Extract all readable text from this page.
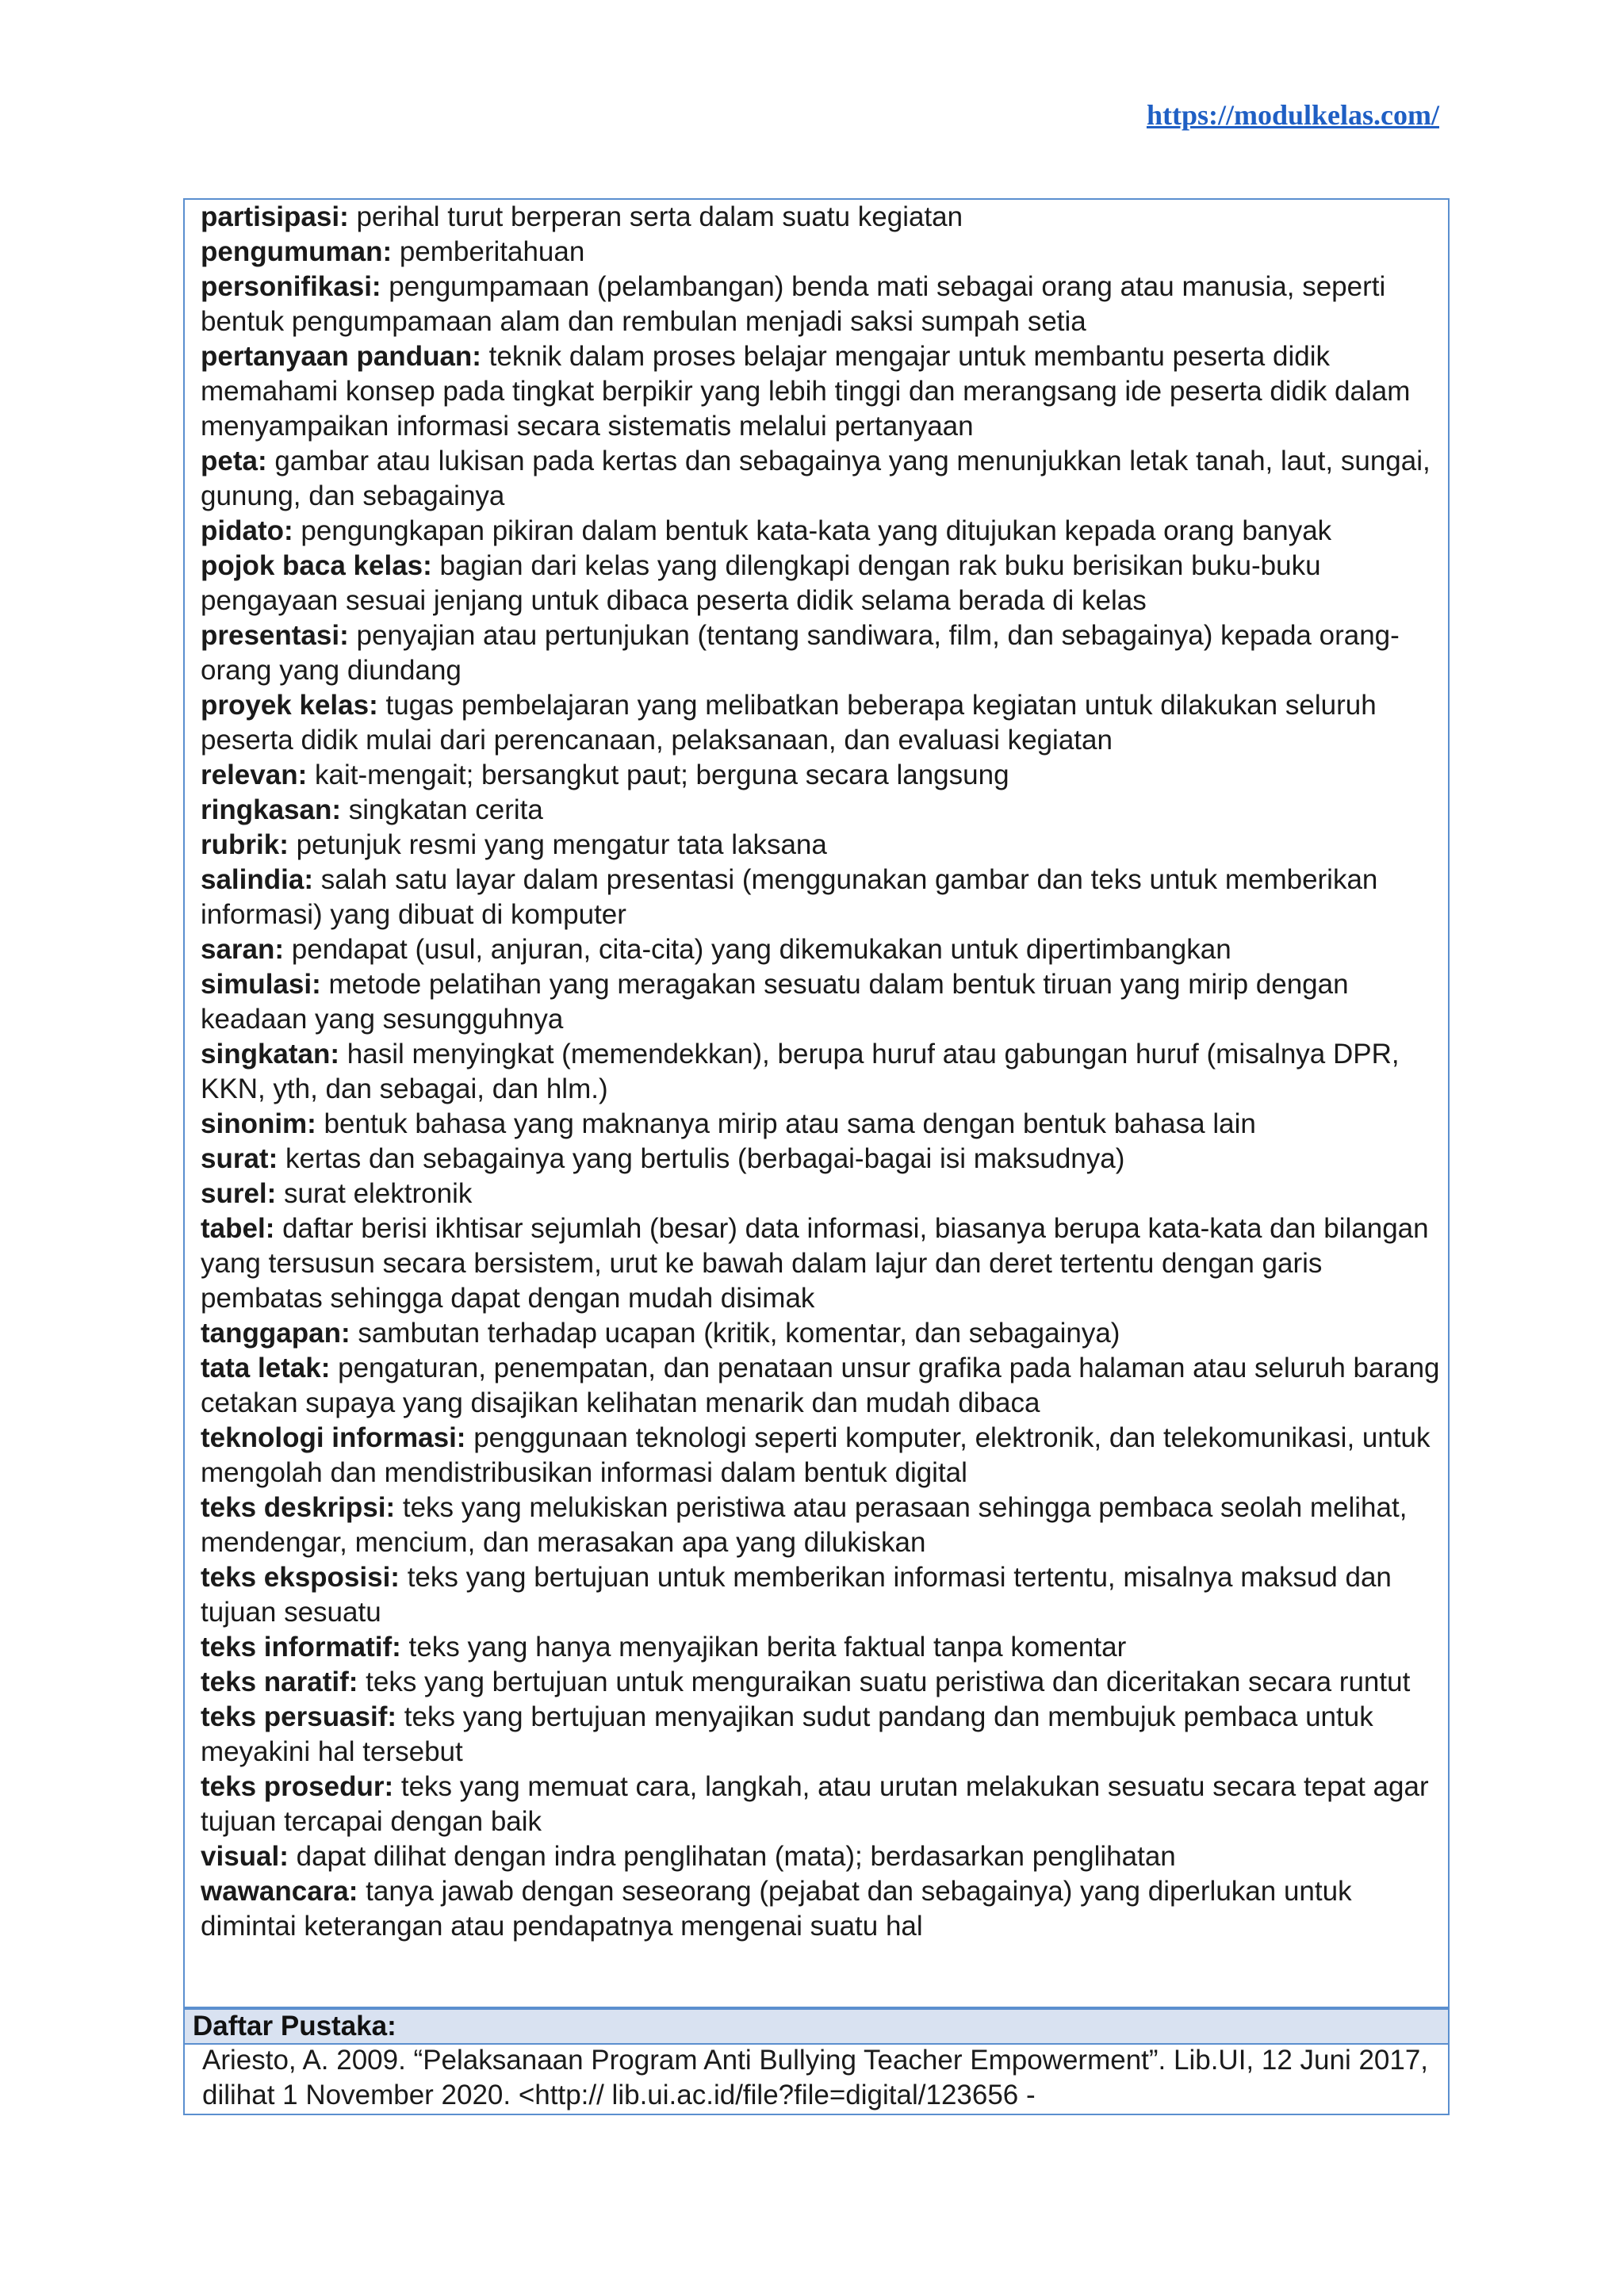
https://modulkelas.com/
partisipasi: perihal turut berperan serta dalam suatu kegiatan
pengumuman: pemberitahuan
personifikasi: pengumpamaan (pelambangan) benda mati sebagai orang atau manusia, seperti bentuk pengumpamaan alam dan rembulan menjadi saksi sumpah setia
pertanyaan panduan: teknik dalam proses belajar mengajar untuk membantu peserta didik memahami konsep pada tingkat berpikir yang lebih tinggi dan merangsang ide peserta didik dalam menyampaikan informasi secara sistematis melalui pertanyaan
peta: gambar atau lukisan pada kertas dan sebagainya yang menunjukkan letak tanah, laut, sungai, gunung, dan sebagainya
pidato: pengungkapan pikiran dalam bentuk kata-kata yang ditujukan kepada orang banyak
pojok baca kelas: bagian dari kelas yang dilengkapi dengan rak buku berisikan buku-buku pengayaan sesuai jenjang untuk dibaca peserta didik selama berada di kelas
presentasi: penyajian atau pertunjukan (tentang sandiwara, film, dan sebagainya) kepada orang-orang yang diundang
proyek kelas: tugas pembelajaran yang melibatkan beberapa kegiatan untuk dilakukan seluruh peserta didik mulai dari perencanaan, pelaksanaan, dan evaluasi kegiatan
relevan: kait-mengait; bersangkut paut; berguna secara langsung
ringkasan: singkatan cerita
rubrik: petunjuk resmi yang mengatur tata laksana
salindia: salah satu layar dalam presentasi (menggunakan gambar dan teks untuk memberikan informasi) yang dibuat di komputer
saran: pendapat (usul, anjuran, cita-cita) yang dikemukakan untuk dipertimbangkan
simulasi: metode pelatihan yang meragakan sesuatu dalam bentuk tiruan yang mirip dengan keadaan yang sesungguhnya
singkatan: hasil menyingkat (memendekkan), berupa huruf atau gabungan huruf (misalnya DPR, KKN, yth, dan sebagai, dan hlm.)
sinonim: bentuk bahasa yang maknanya mirip atau sama dengan bentuk bahasa lain
surat: kertas dan sebagainya yang bertulis (berbagai-bagai isi maksudnya)
surel: surat elektronik
tabel: daftar berisi ikhtisar sejumlah (besar) data informasi, biasanya berupa kata-kata dan bilangan yang tersusun secara bersistem, urut ke bawah dalam lajur dan deret tertentu dengan garis pembatas sehingga dapat dengan mudah disimak
tanggapan: sambutan terhadap ucapan (kritik, komentar, dan sebagainya)
tata letak: pengaturan, penempatan, dan penataan unsur grafika pada halaman atau seluruh barang cetakan supaya yang disajikan kelihatan menarik dan mudah dibaca
teknologi informasi: penggunaan teknologi seperti komputer, elektronik, dan telekomunikasi, untuk mengolah dan mendistribusikan informasi dalam bentuk digital
teks deskripsi: teks yang melukiskan peristiwa atau perasaan sehingga pembaca seolah melihat, mendengar, mencium, dan merasakan apa yang dilukiskan
teks eksposisi: teks yang bertujuan untuk memberikan informasi tertentu, misalnya maksud dan tujuan sesuatu
teks informatif: teks yang hanya menyajikan berita faktual tanpa komentar
teks naratif: teks yang bertujuan untuk menguraikan suatu peristiwa dan diceritakan secara runtut
teks persuasif: teks yang bertujuan menyajikan sudut pandang dan membujuk pembaca untuk meyakini hal tersebut
teks prosedur: teks yang memuat cara, langkah, atau urutan melakukan sesuatu secara tepat agar tujuan tercapai dengan baik
visual: dapat dilihat dengan indra penglihatan (mata); berdasarkan penglihatan
wawancara: tanya jawab dengan seseorang (pejabat dan sebagainya) yang diperlukan untuk dimintai keterangan atau pendapatnya mengenai suatu hal
Daftar Pustaka:
Ariesto, A. 2009. “Pelaksanaan Program Anti Bullying Teacher Empowerment”. Lib.UI, 12 Juni 2017, dilihat 1 November 2020. <http:// lib.ui.ac.id/file?file=digital/123656 -
